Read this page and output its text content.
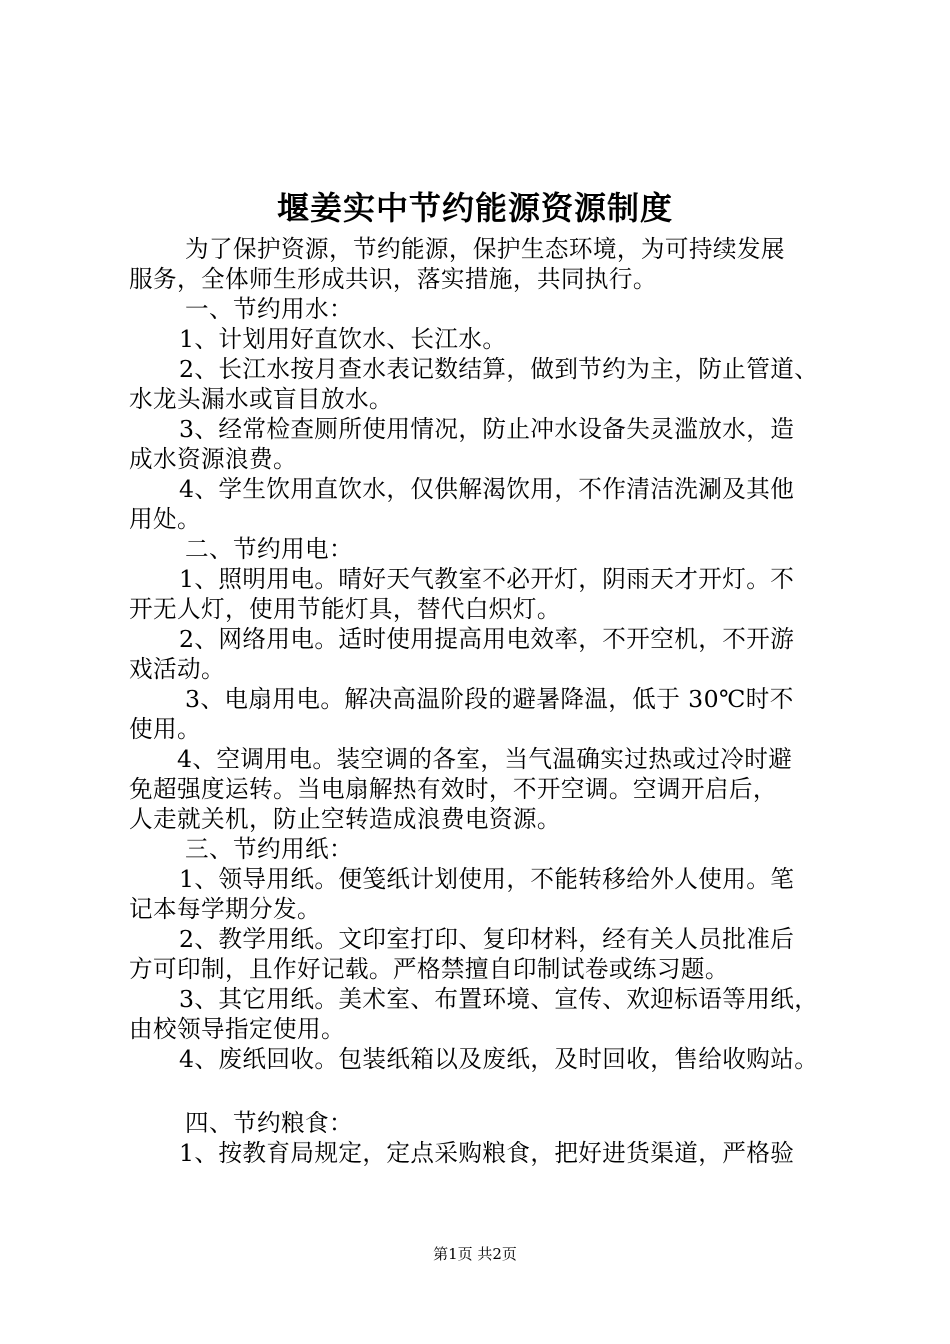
堰姜实中节约能源资源制度
为了保护资源，节约能源，保护生态环境，为可持续发展
服务，全体师生形成共识，落实措施，共同执行。
一、节约用水：
1、计划用好直饮水、长江水。
2、长江水按月查水表记数结算，做到节约为主，防止管道、
水龙头漏水或盲目放水。
3、经常检查厕所使用情况，防止冲水设备失灵滥放水，造
成水资源浪费。
4、学生饮用直饮水，仅供解渴饮用，不作清洁洗涮及其他
用处。
二、节约用电：
1、照明用电。晴好天气教室不必开灯，阴雨天才开灯。不
开无人灯，使用节能灯具，替代白炽灯。
2、网络用电。适时使用提高用电效率，不开空机，不开游
戏活动。
3、电扇用电。解决高温阶段的避暑降温，低于 30℃时不
使用。
4、空调用电。装空调的各室，当气温确实过热或过冷时避
免超强度运转。当电扇解热有效时，不开空调。空调开启后，
人走就关机，防止空转造成浪费电资源。
三、节约用纸：
1、领导用纸。便笺纸计划使用，不能转移给外人使用。笔
记本每学期分发。
2、教学用纸。文印室打印、复印材料，经有关人员批准后
方可印制，且作好记载。严格禁擅自印制试卷或练习题。
3、其它用纸。美术室、布置环境、宣传、欢迎标语等用纸，
由校领导指定使用。
4、废纸回收。包装纸箱以及废纸，及时回收，售给收购站。
四、节约粮食：
1、按教育局规定，定点采购粮食，把好进货渠道，严格验
第1页 共2页
